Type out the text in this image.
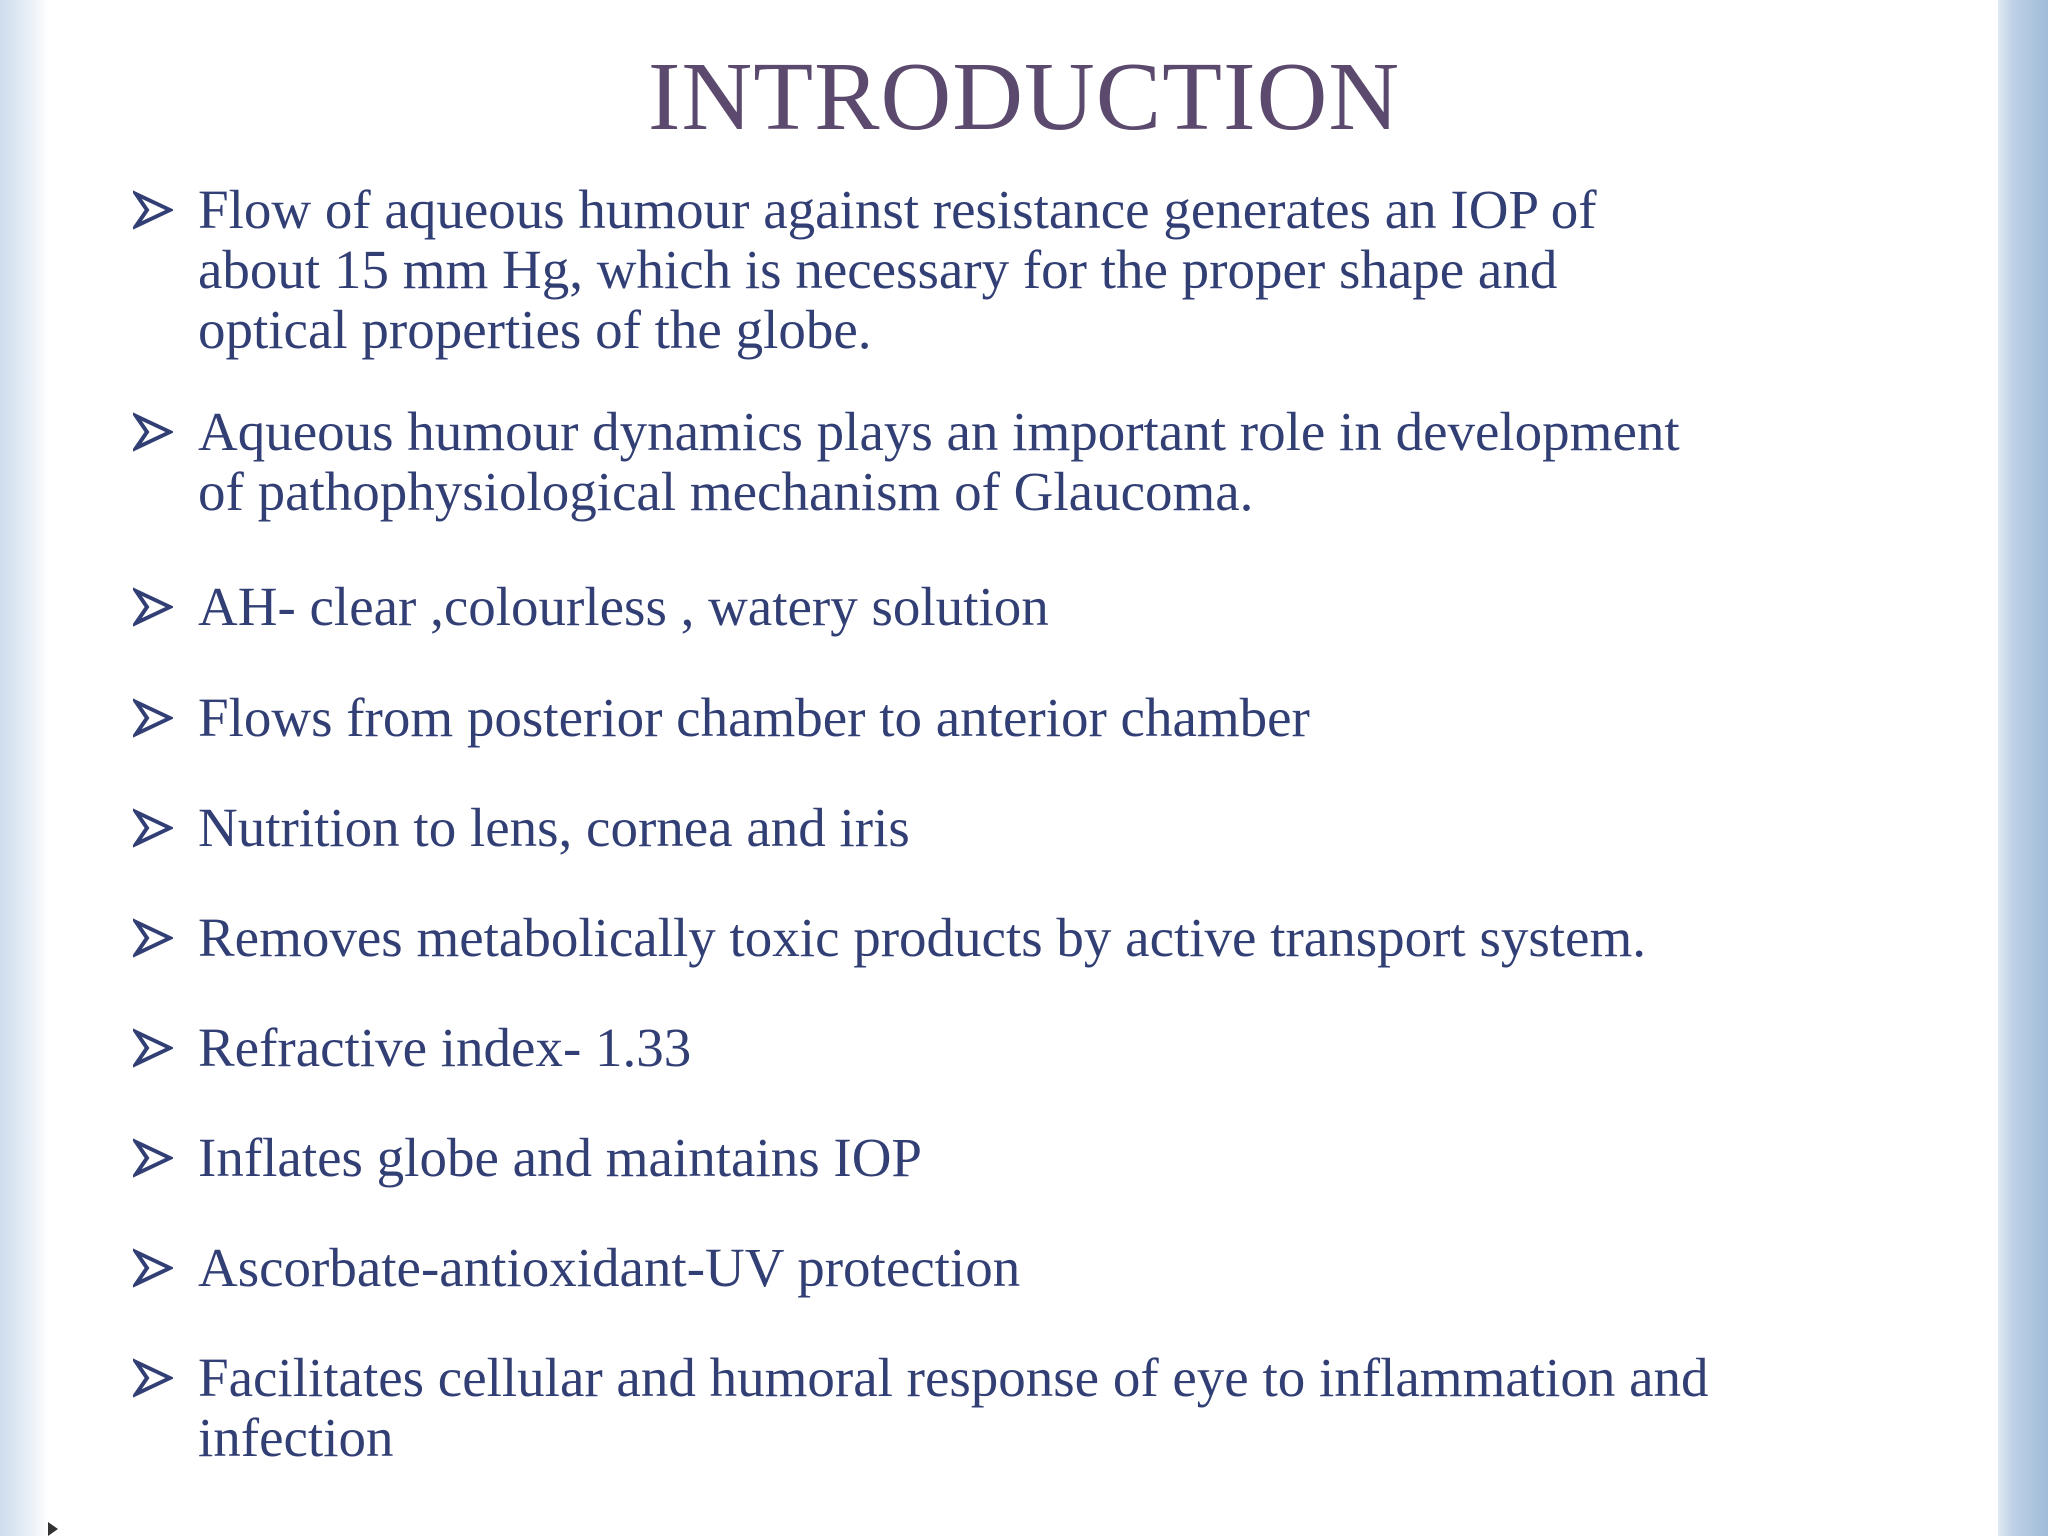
INTRODUCTION
Flow of aqueous humour against resistance generates an IOP of
about 15 mm Hg, which is necessary for the proper shape and
optical properties of the globe.
Aqueous humour dynamics plays an important role in development
of pathophysiological mechanism of Glaucoma.
AH- clear ,colourless , watery solution
Flows from posterior chamber to anterior chamber
Nutrition to lens, cornea and iris
Removes metabolically toxic products by active transport system.
Refractive index- 1.33
Inflates globe and maintains IOP
Ascorbate-antioxidant-UV protection
Facilitates cellular and humoral response of eye to inflammation and
infection
